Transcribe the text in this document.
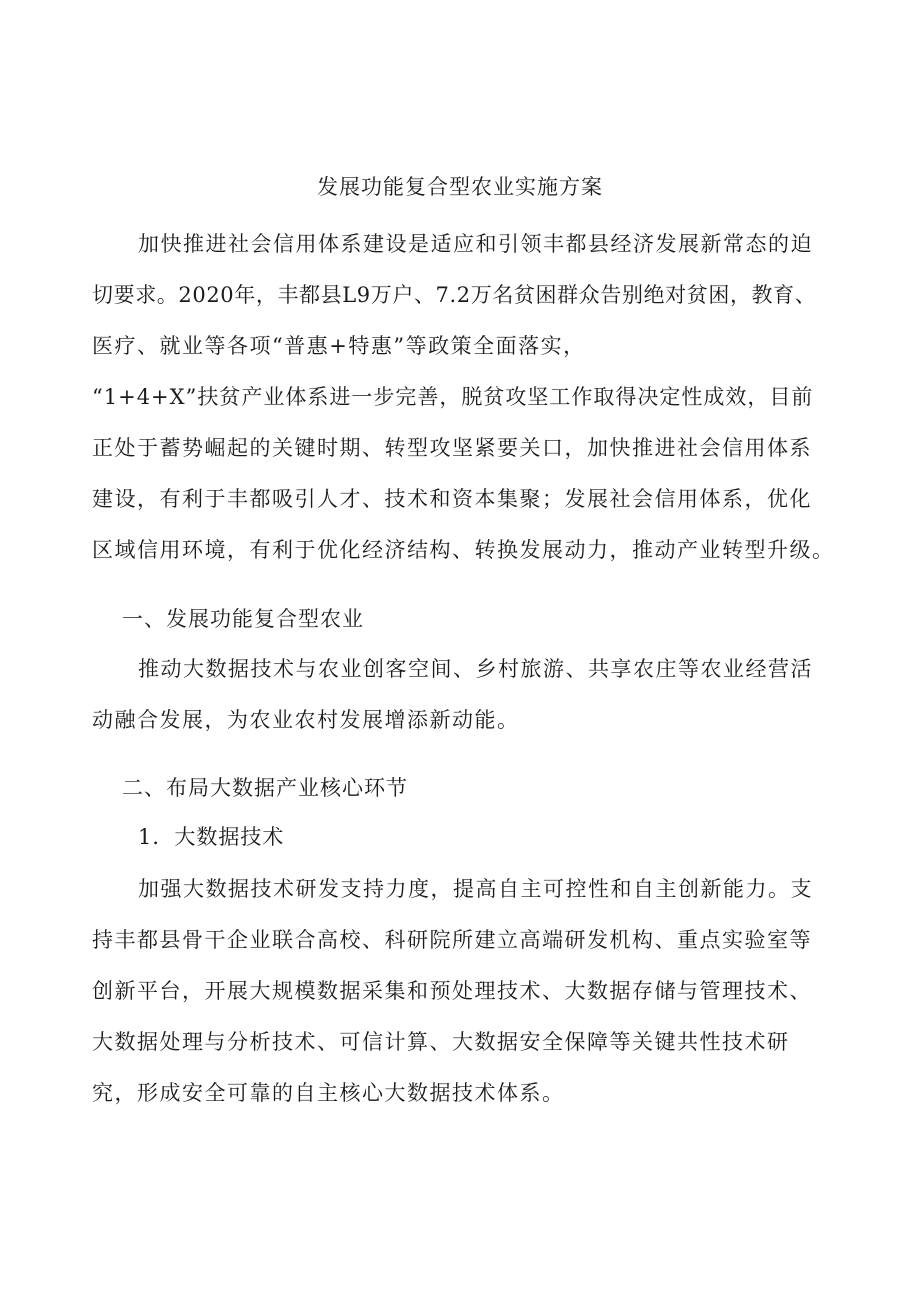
发展功能复合型农业实施方案
加快推进社会信用体系建设是适应和引领丰都县经济发展新常态的迫
切要求。2020年，丰都县L9万户、7.2万名贫困群众告别绝对贫困，教育、
医疗、就业等各项“普惠+特惠”等政策全面落实，
“1+4+X”扶贫产业体系进一步完善，脱贫攻坚工作取得决定性成效，目前
正处于蓄势崛起的关键时期、转型攻坚紧要关口，加快推进社会信用体系
建设，有利于丰都吸引人才、技术和资本集聚；发展社会信用体系，优化
区域信用环境，有利于优化经济结构、转换发展动力，推动产业转型升级。
一、发展功能复合型农业
推动大数据技术与农业创客空间、乡村旅游、共享农庄等农业经营活
动融合发展，为农业农村发展增添新动能。
二、布局大数据产业核心环节
1．大数据技术
加强大数据技术研发支持力度，提高自主可控性和自主创新能力。支
持丰都县骨干企业联合高校、科研院所建立高端研发机构、重点实验室等
创新平台，开展大规模数据采集和预处理技术、大数据存储与管理技术、
大数据处理与分析技术、可信计算、大数据安全保障等关键共性技术研
究，形成安全可靠的自主核心大数据技术体系。
